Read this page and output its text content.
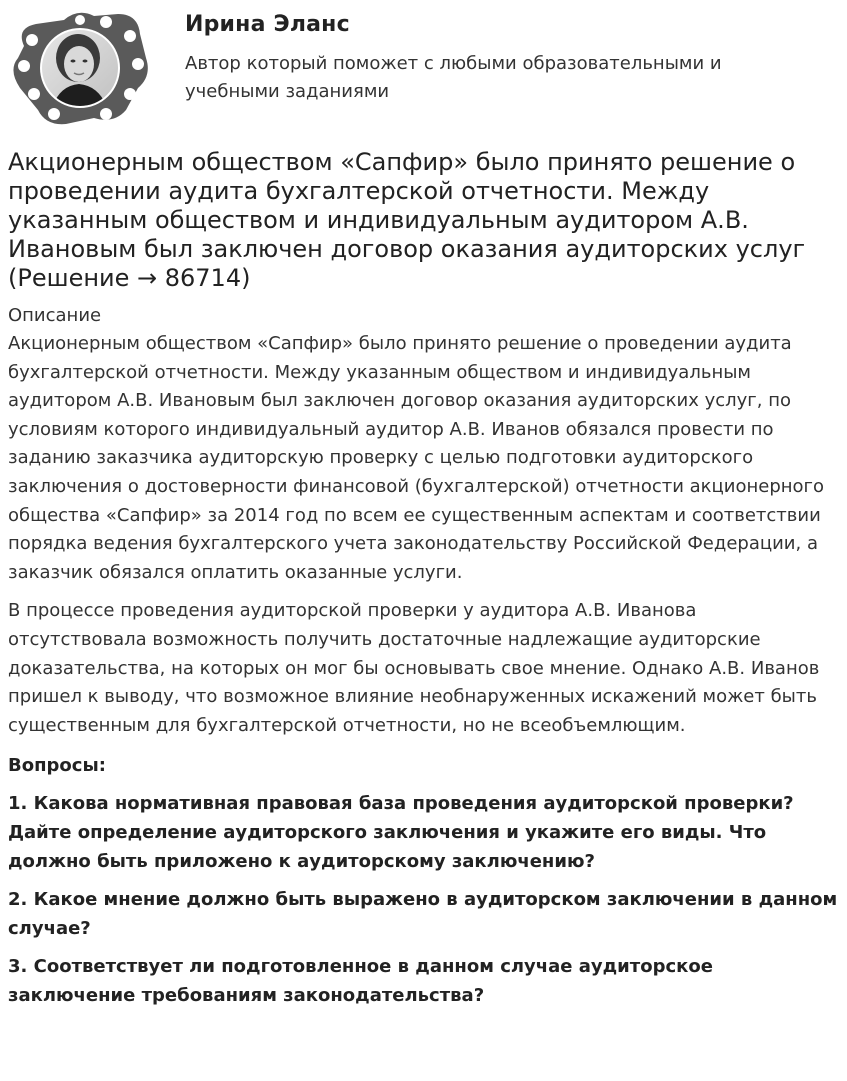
Ирина Эланс
Автор который поможет с любыми образовательными и учебными заданиями
Акционерным обществом «Сапфир» было принято решение о проведении аудита бухгалтерской отчетности. Между указанным обществом и индивидуальным аудитором А.В. Ивановым был заключен договор оказания аудиторских услуг (Решение → 86714)
Описание

Акционерным обществом «Сапфир» было принято решение о проведении аудита бухгалтерской отчетности. Между указанным обществом и индивидуальным аудитором А.В. Ивановым был заключен договор оказания аудиторских услуг, по условиям которого индивидуальный аудитор А.В. Иванов обязался провести по заданию заказчика аудиторскую проверку с целью подготовки аудиторского заключения о достоверности финансовой (бухгалтерской) отчетности акционерного общества «Сапфир» за 2014 год по всем ее существенным аспектам и соответствии порядка ведения бухгалтерского учета законодательству Российской Федерации, а заказчик обязался оплатить оказанные услуги.

В процессе проведения аудиторской проверки у аудитора А.В. Иванова отсутствовала возможность получить достаточные надлежащие аудиторские доказательства, на которых он мог бы основывать свое мнение. Однако А.В. Иванов пришел к выводу, что возможное влияние необнаруженных искажений может быть существенным для бухгалтерской отчетности, но не всеобъемлющим.

Вопросы:
1. Какова нормативная правовая база проведения аудиторской проверки? Дайте определение аудиторского заключения и укажите его виды. Что должно быть приложено к аудиторскому заключению?
2. Какое мнение должно быть выражено в аудиторском заключении в данном случае?
3. Соответствует ли подготовленное в данном случае аудиторское заключение требованиям законодательства?
